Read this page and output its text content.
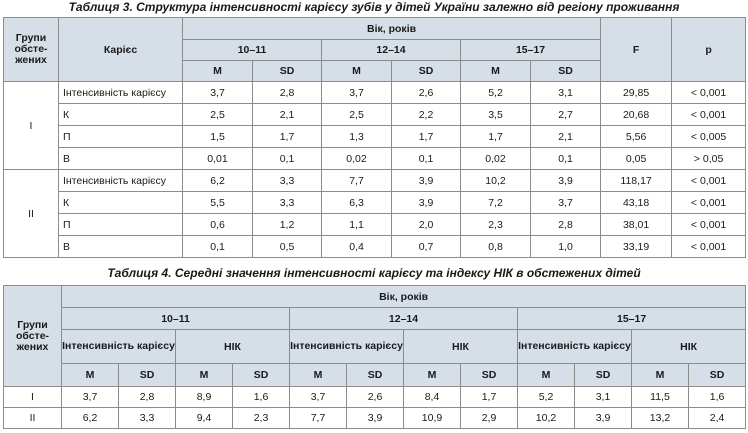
Таблиця 3. Структура інтенсивності карієсу зубів у дітей України залежно від регіону проживання
Групи обсте-жених	Карієс	Вік, років						F	p
		10–11		12–14		15–17			
		M	SD	M	SD	M	SD		
I	Інтенсивність карієсу	3,7	2,8	3,7	2,6	5,2	3,1	29,85	< 0,001
	К	2,5	2,1	2,5	2,2	3,5	2,7	20,68	< 0,001
	П	1,5	1,7	1,3	1,7	1,7	2,1	5,56	< 0,005
	В	0,01	0,1	0,02	0,1	0,02	0,1	0,05	> 0,05
II	Інтенсивність карієсу	6,2	3,3	7,7	3,9	10,2	3,9	118,17	< 0,001
	К	5,5	3,3	6,3	3,9	7,2	3,7	43,18	< 0,001
	П	0,6	1,2	1,1	2,0	2,3	2,8	38,01	< 0,001
	В	0,1	0,5	0,4	0,7	0,8	1,0	33,19	< 0,001
Таблиця 4. Середні значення інтенсивності карієсу та індексу НІК в обстежених дітей
Групи обсте-жених	Вік, років											
	10–11				12–14				15–17			
	Інтенсивність карієсу		НІК		Інтенсивність карієсу		НІК		Інтенсивність карієсу		НІК	
	M	SD	M	SD	M	SD	M	SD	M	SD	M	SD
I	3,7	2,8	8,9	1,6	3,7	2,6	8,4	1,7	5,2	3,1	11,5	1,6
II	6,2	3,3	9,4	2,3	7,7	3,9	10,9	2,9	10,2	3,9	13,2	2,4
